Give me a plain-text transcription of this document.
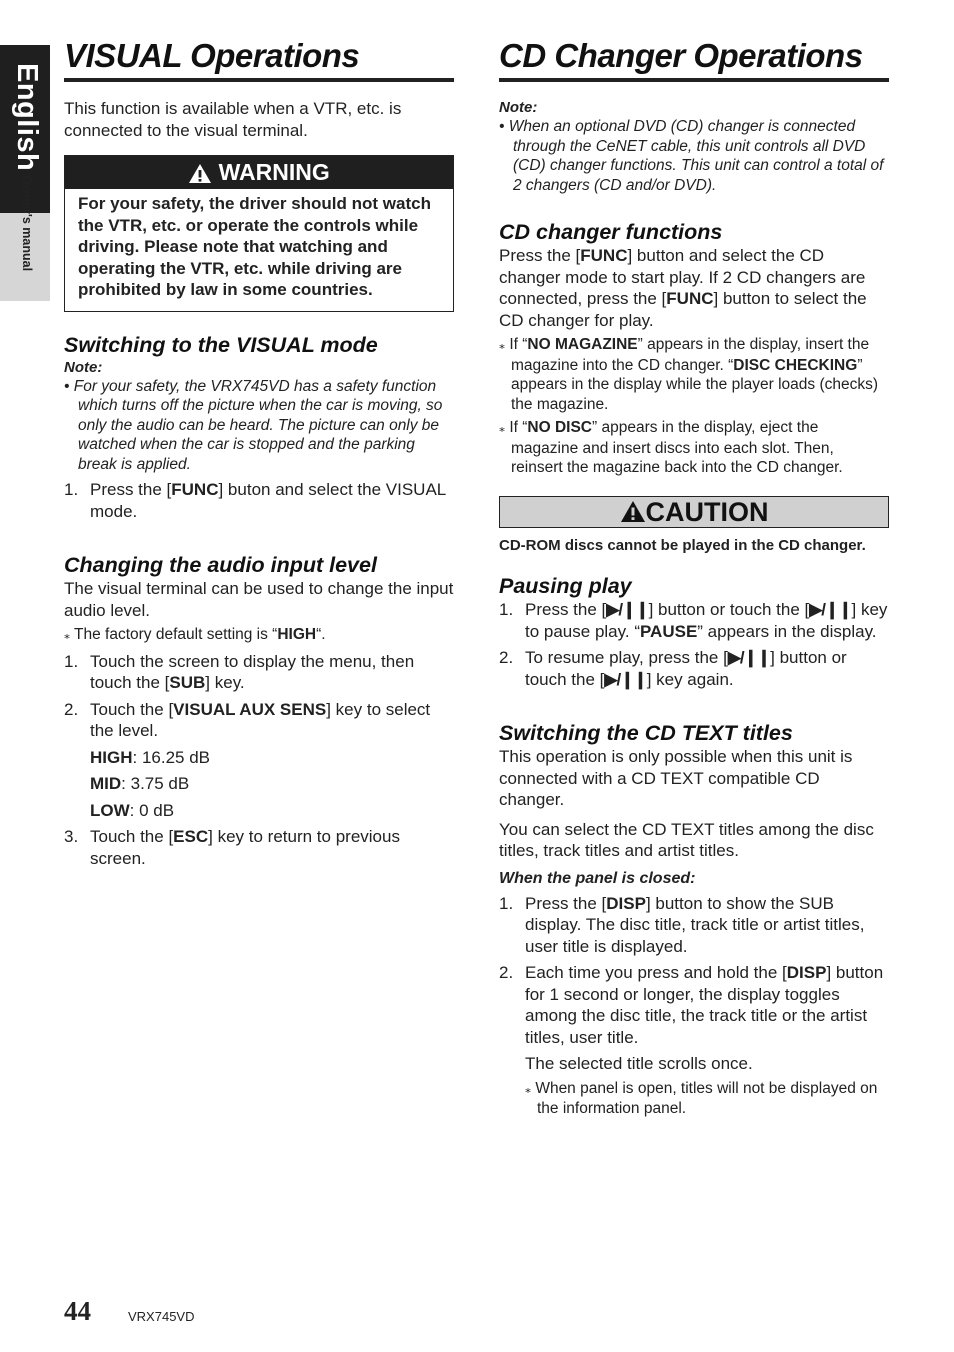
English
Owner's manual
VISUAL Operations

This function is available when a VTR, etc. is connected to the visual terminal.

WARNING
For your safety, the driver should not watch the VTR, etc. or operate the controls while driving. Please note that watching and operating the VTR, etc. while driving are prohibited by law in some countries.
Switching to the VISUAL mode
Note:
• For your safety, the VRX745VD has a safety function which turns off the picture when the car is moving, so only the audio can be heard. The picture can only be watched when the car is stopped and the parking break is applied.
1. Press the [FUNC] buton and select the VISUAL mode.
Changing the audio input level

The visual terminal can be used to change the input audio level.

⁎ The factory default setting is “HIGH“.
1. Touch the screen to display the menu, then touch the [SUB] key.
2. Touch the [VISUAL AUX SENS] key to select the level.
HIGH: 16.25 dB
MID: 3.75 dB
LOW: 0 dB
3. Touch the [ESC] key to return to previous screen.
CD Changer Operations
Note:
• When an optional DVD (CD) changer is connected through the CeNET cable, this unit controls all DVD (CD) changer functions. This unit can control a total of 2 changers (CD and/or DVD).
CD changer functions

Press the [FUNC] button and select the CD changer mode to start play. If 2 CD changers are connected, press the [FUNC] button to select the CD changer for play.

⁎ If “NO MAGAZINE” appears in the display, insert the magazine into the CD changer. “DISC CHECKING” appears in the display while the player loads (checks) the magazine.
⁎ If “NO DISC” appears in the display, eject the magazine and insert discs into each slot. Then, reinsert the magazine back into the CD changer.
CAUTION
CD-ROM discs cannot be played in the CD changer.
Pausing play
1. Press the [▶/❙❙] button or touch the [▶/❙❙] key to pause play. “PAUSE” appears in the display.
2. To resume play, press the [▶/❙❙] button or touch the [▶/❙❙] key again.
Switching the CD TEXT titles

This operation is only possible when this unit is connected with a CD TEXT compatible CD changer.

You can select the CD TEXT titles among the disc titles, track titles and artist titles.

When the panel is closed:
1. Press the [DISP] button to show the SUB display. The disc title, track title or artist titles, user title is displayed.
2. Each time you press and hold the [DISP] button for 1 second or longer, the display toggles among the disc title, the track title or the artist titles, user title.
The selected title scrolls once.
⁎ When panel is open, titles will not be displayed on the information panel.
44	VRX745VD
